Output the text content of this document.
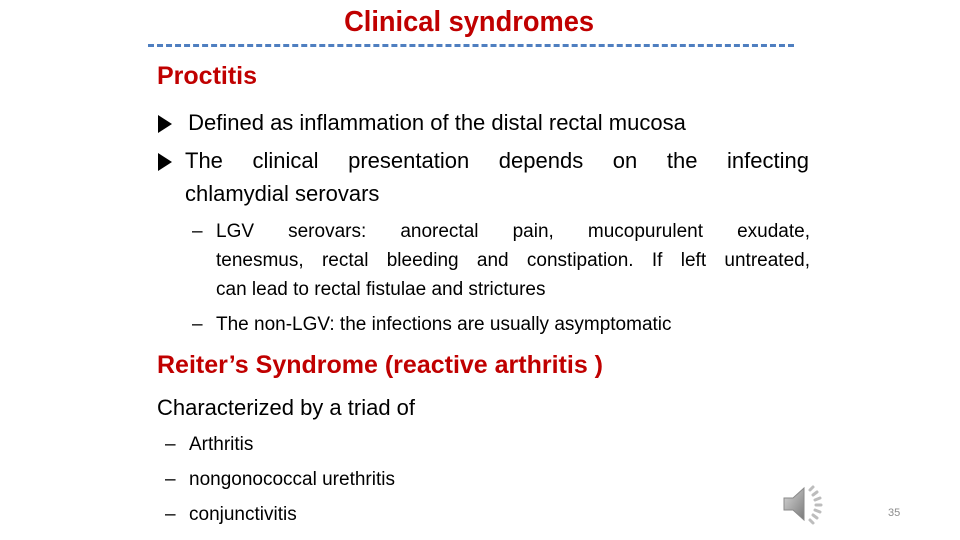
Clinical syndromes
Proctitis
Defined as inflammation of the distal rectal mucosa
The clinical presentation depends on the infecting
chlamydial serovars
– LGV serovars: anorectal pain, mucopurulent exudate,
tenesmus, rectal bleeding and constipation. If left untreated,
can lead to rectal fistulae and strictures
– The non-LGV: the infections are usually asymptomatic
Reiter’s Syndrome (reactive arthritis )
Characterized by a triad of
– Arthritis
– nongonococcal urethritis
– conjunctivitis	35
